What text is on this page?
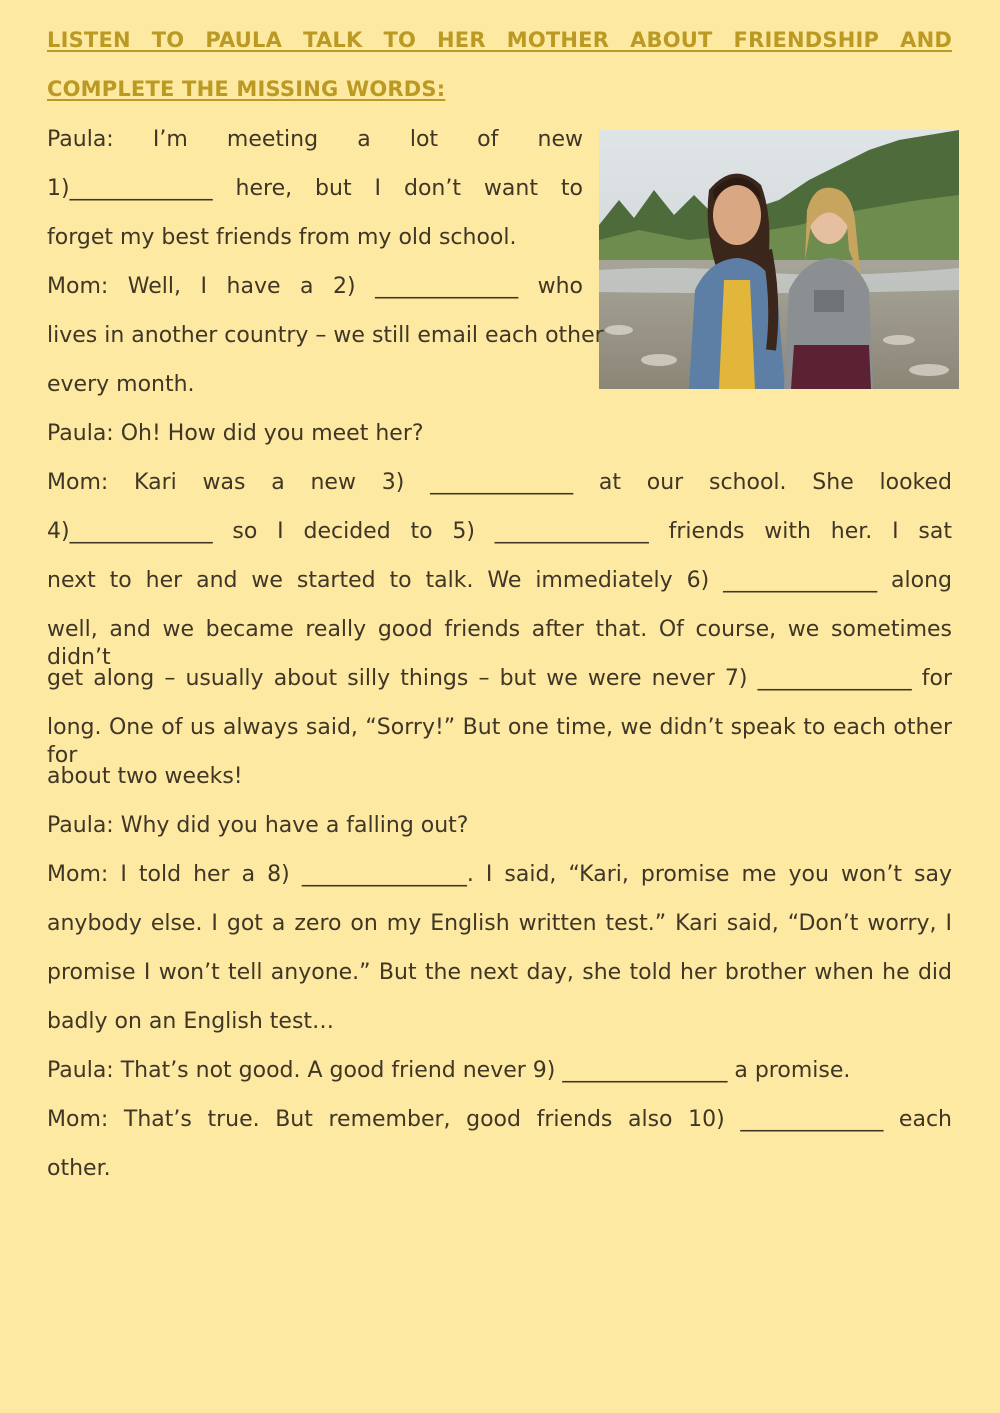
LISTEN TO PAULA TALK TO HER MOTHER ABOUT FRIENDSHIP AND
COMPLETE THE MISSING WORDS:

Paula: I’m meeting a lot of new

1)_____________ here, but I don’t want to

forget my best friends from my old school.

Mom: Well, I have a 2) _____________ who

lives in another country – we still email each other

every month.

Paula: Oh! How did you meet her?

Mom: Kari was a new 3) _____________ at our school. She looked

4)_____________ so I decided to 5) ______________ friends with her. I sat

next to her and we started to talk. We immediately 6) ______________ along

well, and we became really good friends after that. Of course, we sometimes didn’t

get along – usually about silly things – but we were never 7) ______________ for

long. One of us always said, “Sorry!” But one time, we didn’t speak to each other for

about two weeks!

Paula: Why did you have a falling out?

Mom: I told her a 8) _______________. I said, “Kari, promise me you won’t say

anybody else. I got a zero on my English written test.” Kari said, “Don’t worry, I

promise I won’t tell anyone.” But the next day, she told her brother when he did

badly on an English test…

Paula: That’s not good. A good friend never 9) _______________ a promise.

Mom: That’s true. But remember, good friends also 10) _____________ each

other.
